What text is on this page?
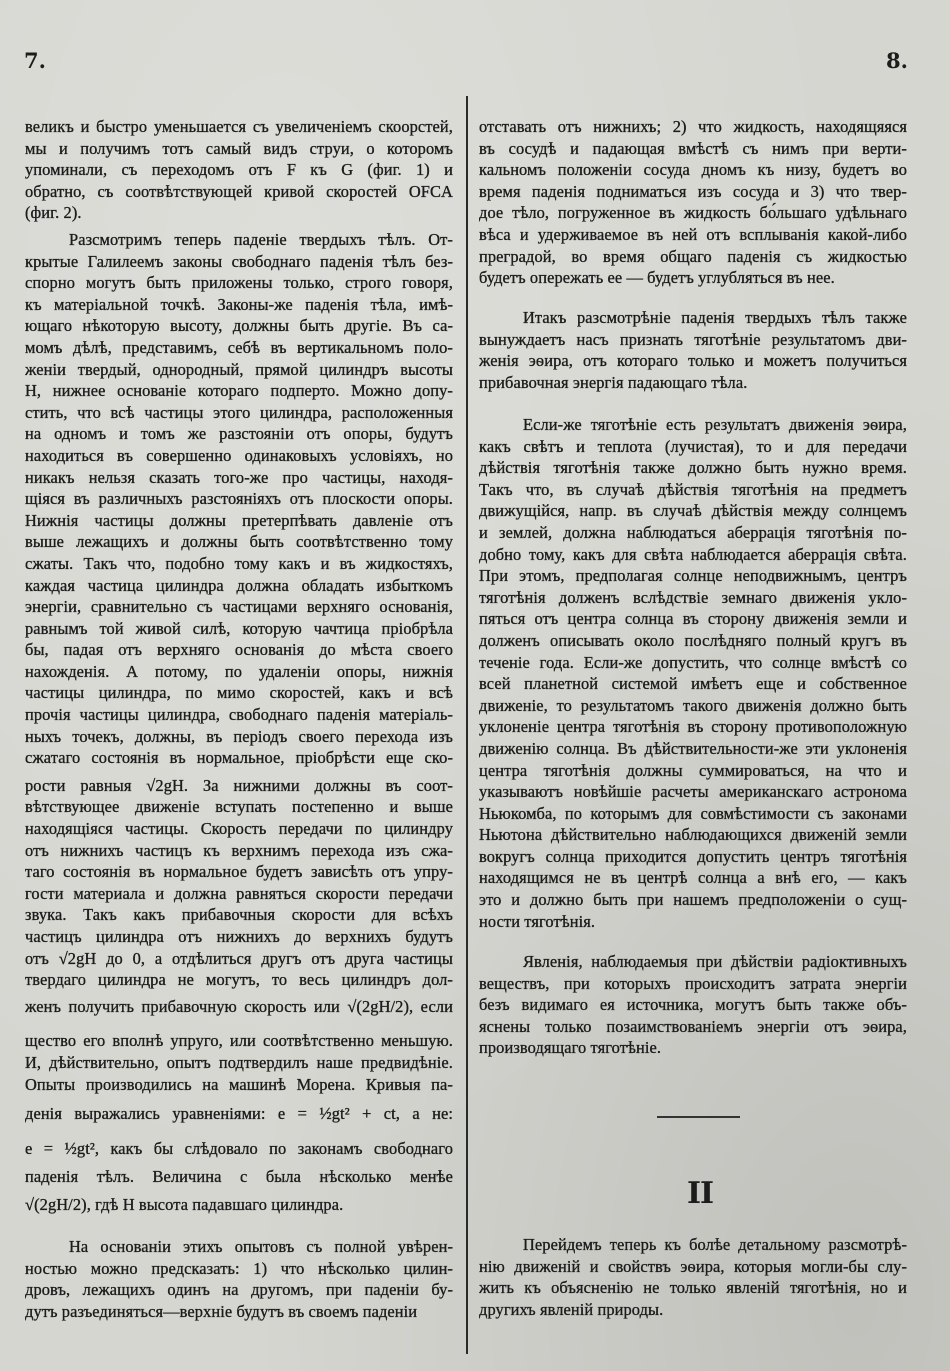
7.	8.
великъ и быстро уменьшается съ увеличеніемъ скоорстей,
мы и получимъ тотъ самый видъ струи, о которомъ
упоминали, съ переходомъ отъ F къ G (фиг. 1) и
обратно, съ соотвѣтствующей кривой скоростей OFCA
(фиг. 2).
Разсмотримъ теперь паденіе твердыхъ тѣлъ. От-
крытые Галилеемъ законы свободнаго паденія тѣлъ без-
спорно могутъ быть приложены только, строго говоря,
къ матеріальной точкѣ. Законы-же паденія тѣла, имѣ-
ющаго нѣкоторую высоту, должны быть другіе. Въ са-
момъ дѣлѣ, представимъ, себѣ въ вертикальномъ поло-
женіи твердый, однородный, прямой цилиндръ высоты
H, нижнее основаніе котораго подперто. Можно допу-
стить, что всѣ частицы этого цилиндра, расположенныя
на одномъ и томъ же разстояніи отъ опоры, будутъ
находиться въ совершенно одинаковыхъ условіяхъ, но
никакъ нельзя сказать того-же про частицы, находя-
щіяся въ различныхъ разстояніяхъ отъ плоскости опоры.
Нижнія частицы должны претерпѣвать давленіе отъ
выше лежащихъ и должны быть соотвѣтственно тому
сжаты. Такъ что, подобно тому какъ и въ жидкостяхъ,
каждая частица цилиндра должна обладать избыткомъ
энергіи, сравнительно съ частицами верхняго основанія,
равнымъ той живой силѣ, которую чачтица пріобрѣла
бы, падая отъ верхняго основанія до мѣста своего
нахожденія. А потому, по удаленіи опоры, нижнія
частицы цилиндра, по мимо скоростей, какъ и всѣ
прочія частицы цилиндра, свободнаго паденія матеріаль-
ныхъ точекъ, должны, въ періодъ своего перехода изъ
сжатаго состоянія въ нормальное, пріобрѣсти еще ско-
рости равныя √2gH. За нижними должны въ соот-
вѣтствующее движеніе вступать постепенно и выше
находящіяся частицы. Скорость передачи по цилиндру
отъ нижнихъ частицъ къ верхнимъ перехода изъ сжа-
таго состоянія въ нормальное будетъ зависѣть отъ упру-
гости материала и должна равняться скорости передачи
звука. Такъ какъ прибавочныя скорости для всѣхъ
частицъ цилиндра отъ нижнихъ до верхнихъ будутъ
отъ √2gH до 0, а отдѣлиться другъ отъ друга частицы
твердаго цилиндра не могутъ, то весь цилиндръ дол-
женъ получить прибавочную скорость или √(2gH/2), если
щество его вполнѣ упруго, или соотвѣтственно меньшую.
И, дѣйствительно, опытъ подтвердилъ наше предвидѣніе.
Опыты производились на машинѣ Морена. Кривыя па-
денія выражались уравненіями: e = ½gt² + ct, а не:
e = ½gt², какъ бы слѣдовало по законамъ свободнаго
паденія тѣлъ. Величина c была нѣсколько менѣе
√(2gH/2), гдѣ H высота падавшаго цилиндра.
На основаніи этихъ опытовъ съ полной увѣрен-
ностью можно предсказать: 1) что нѣсколько цилин-
дровъ, лежащихъ одинъ на другомъ, при паденіи бу-
дутъ разъединяться—верхніе будутъ въ своемъ паденіи
отставать отъ нижнихъ; 2) что жидкость, находящяяся
въ сосудѣ и падающая вмѣстѣ съ нимъ при верти-
кальномъ положеніи сосуда дномъ къ низу, будетъ во
время паденія подниматься изъ сосуда и 3) что твер-
дое тѣло, погруженное въ жидкость бо́льшаго удѣльнаго
вѣса и удерживаемое въ ней отъ всплыванія какой-либо
преградой, во время общаго паденія съ жидкостью
будетъ опережать ее — будетъ углубляться въ нее.
Итакъ разсмотрѣніе паденія твердыхъ тѣлъ также
вынуждаетъ насъ признать тяготѣніе результатомъ дви-
женія эѳира, отъ котораго только и можетъ получиться
прибавочная энергія падающаго тѣла.
Если-же тяготѣніе есть результатъ движенія эѳира,
какъ свѣтъ и теплота (лучистая), то и для передачи
дѣйствія тяготѣнія также должно быть нужно время.
Такъ что, въ случаѣ дѣйствія тяготѣнія на предметъ
движущійся, напр. въ случаѣ дѣйствія между солнцемъ
и землей, должна наблюдаться аберрація тяготѣнія по-
добно тому, какъ для свѣта наблюдается аберрація свѣта.
При этомъ, предполагая солнце неподвижнымъ, центръ
тяготѣнія долженъ вслѣдствіе земнаго движенія укло-
пяться отъ центра солнца въ сторону движенія земли и
долженъ описывать около послѣдняго полный кругъ въ
теченіе года. Если-же допустить, что солнце вмѣстѣ со
всей планетной системой имѣетъ еще и собственное
движеніе, то результатомъ такого движенія должно быть
уклоненіе центра тяготѣнія въ сторону противоположную
движенію солнца. Въ дѣйствительности-же эти уклоненія
центра тяготѣнія должны суммироваться, на что и
указываютъ новѣйшіе расчеты американскаго астронома
Ньюкомба, по которымъ для совмѣстимости съ законами
Ньютона дѣйствительно наблюдающихся движеній земли
вокругъ солнца приходится допустить центръ тяготѣнія
находящимся не въ центрѣ солнца а внѣ его, — какъ
это и должно быть при нашемъ предположеніи о сущ-
ности тяготѣнія.
Явленія, наблюдаемыя при дѣйствіи радіоктивныхъ
веществъ, при которыхъ происходитъ затрата энергіи
безъ видимаго ея источника, могутъ быть также объ-
яснены только позаимствованіемъ энергіи отъ эѳира,
производящаго тяготѣніе.
Перейдемъ теперь къ болѣе детальному разсмотрѣ-
нію движеній и свойствъ эѳира, которыя могли-бы слу-
жить къ объясненію не только явленій тяготѣнія, но и
другихъ явленій природы.
II
